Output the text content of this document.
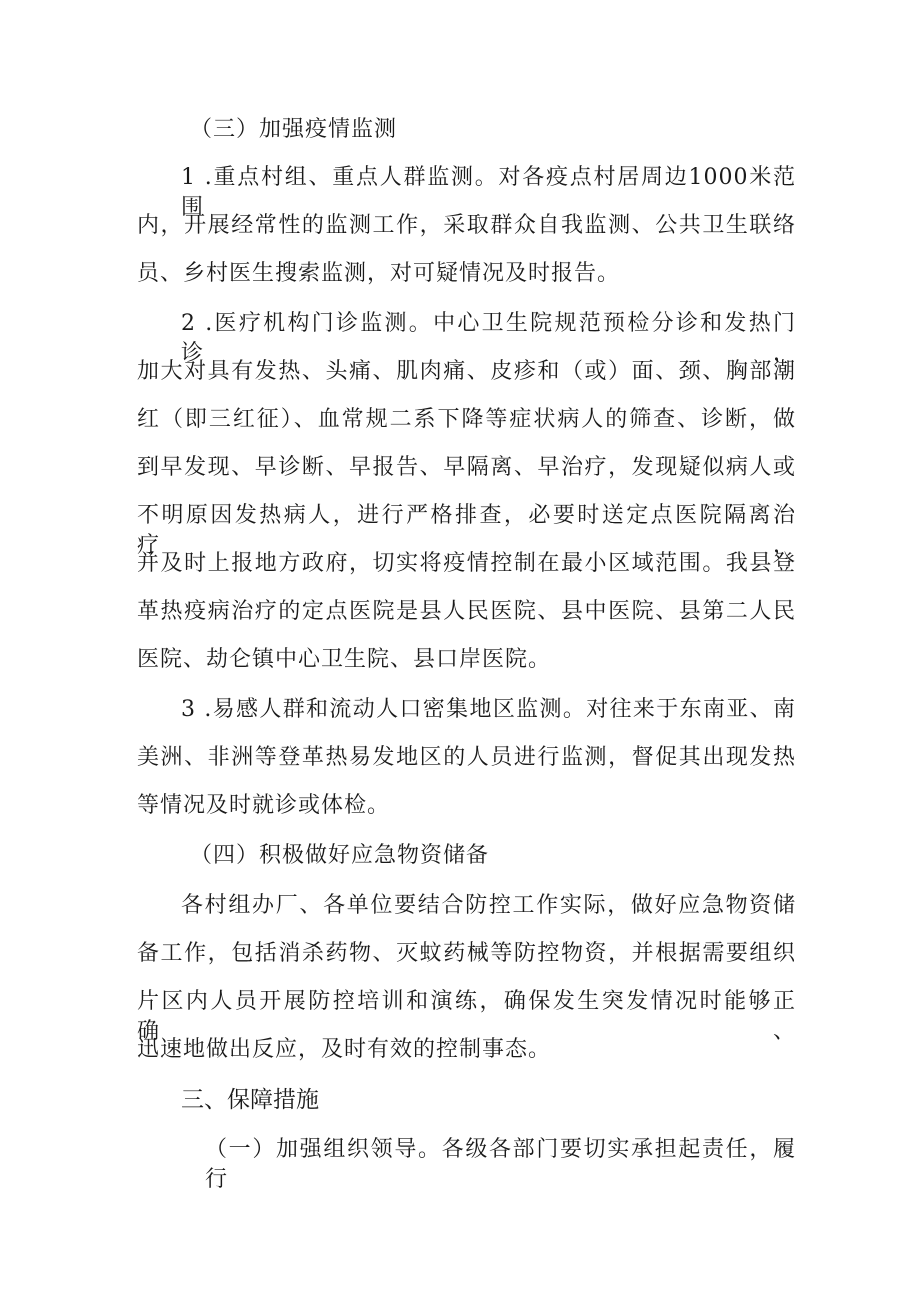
（三）加强疫情监测
1 .重点村组、重点人群监测。对各疫点村居周边1000米范围
内，开展经常性的监测工作，采取群众自我监测、公共卫生联络
员、乡村医生搜索监测，对可疑情况及时报告。
2 .医疗机构门诊监测。中心卫生院规范预检分诊和发热门诊，
加大对具有发热、头痛、肌肉痛、皮疹和（或）面、颈、胸部潮
红（即三红征）、血常规二系下降等症状病人的筛查、诊断，做
到早发现、早诊断、早报告、早隔离、早治疗，发现疑似病人或
不明原因发热病人，进行严格排查，必要时送定点医院隔离治疗，
并及时上报地方政府，切实将疫情控制在最小区域范围。我县登
革热疫病治疗的定点医院是县人民医院、县中医院、县第二人民
医院、劫仑镇中心卫生院、县口岸医院。
3 .易感人群和流动人口密集地区监测。对往来于东南亚、南
美洲、非洲等登革热易发地区的人员进行监测，督促其出现发热
等情况及时就诊或体检。
（四）积极做好应急物资储备
各村组办厂、各单位要结合防控工作实际，做好应急物资储
备工作，包括消杀药物、灭蚊药械等防控物资，并根据需要组织
片区内人员开展防控培训和演练，确保发生突发情况时能够正确、
迅速地做出反应，及时有效的控制事态。
三、保障措施
（一）加强组织领导。各级各部门要切实承担起责任，履行
